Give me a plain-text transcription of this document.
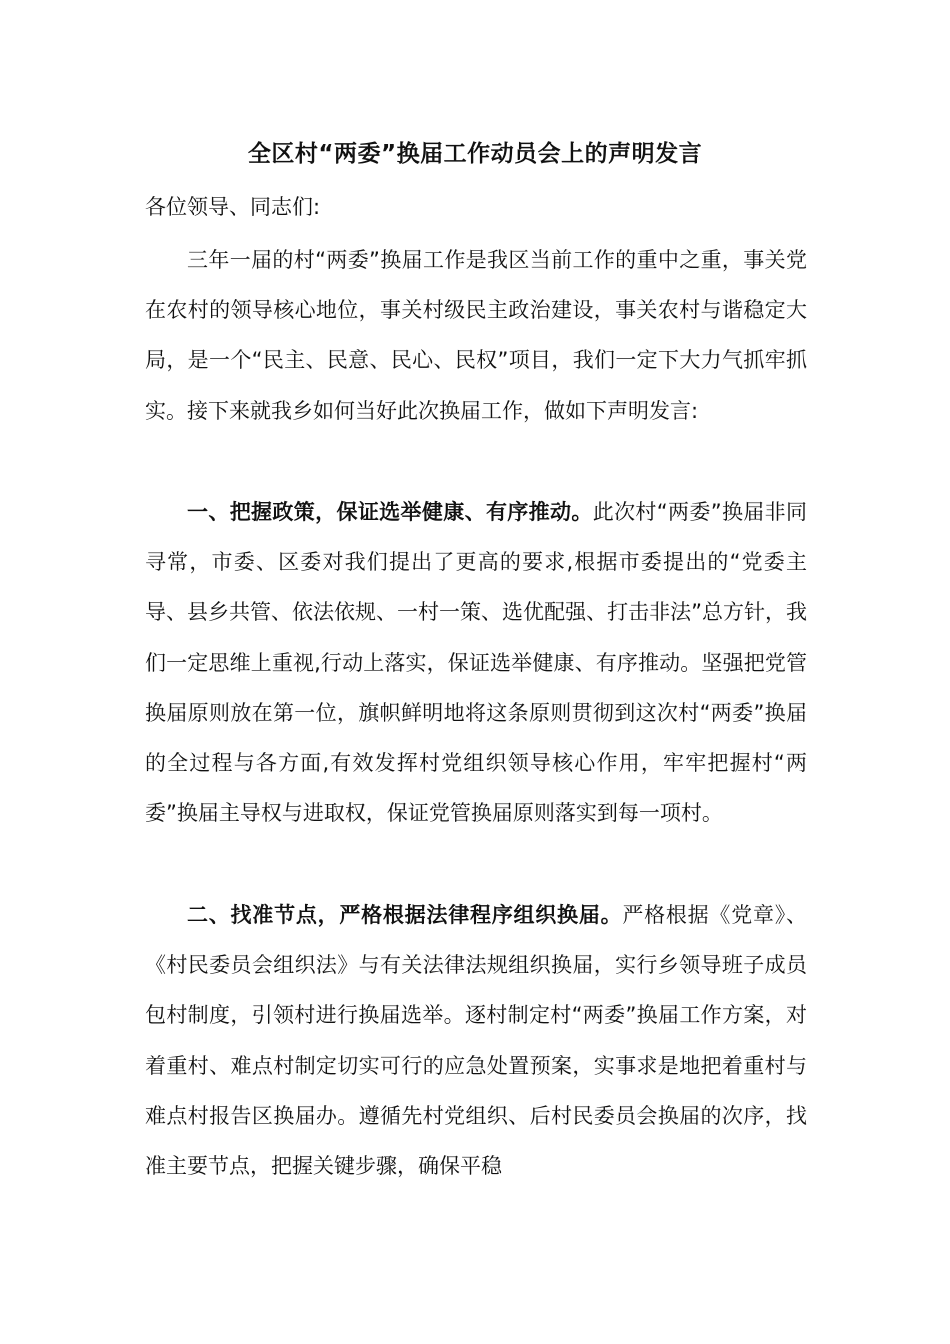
全区村“两委”换届工作动员会上的声明发言

各位领导、同志们:

三年一届的村“两委”换届工作是我区当前工作的重中之重，事关党在农村的领导核心地位，事关村级民主政治建设，事关农村与谐稳定大局，是一个“民主、民意、民心、民权”项目，我们一定下大力气抓牢抓实。接下来就我乡如何当好此次换届工作，做如下声明发言:

一、把握政策，保证选举健康、有序推动。此次村“两委”换届非同寻常，市委、区委对我们提出了更高的要求,根据市委提出的“党委主导、县乡共管、依法依规、一村一策、选优配强、打击非法”总方针，我们一定思维上重视,行动上落实，保证选举健康、有序推动。坚强把党管换届原则放在第一位，旗帜鲜明地将这条原则贯彻到这次村“两委”换届的全过程与各方面,有效发挥村党组织领导核心作用，牢牢把握村“两委”换届主导权与进取权，保证党管换届原则落实到每一项村。

二、找准节点，严格根据法律程序组织换届。严格根据《党章》、《村民委员会组织法》与有关法律法规组织换届，实行乡领导班子成员包村制度，引领村进行换届选举。逐村制定村“两委”换届工作方案，对着重村、难点村制定切实可行的应急处置预案，实事求是地把着重村与难点村报告区换届办。遵循先村党组织、后村民委员会换届的次序，找准主要节点，把握关键步骤，确保平稳
